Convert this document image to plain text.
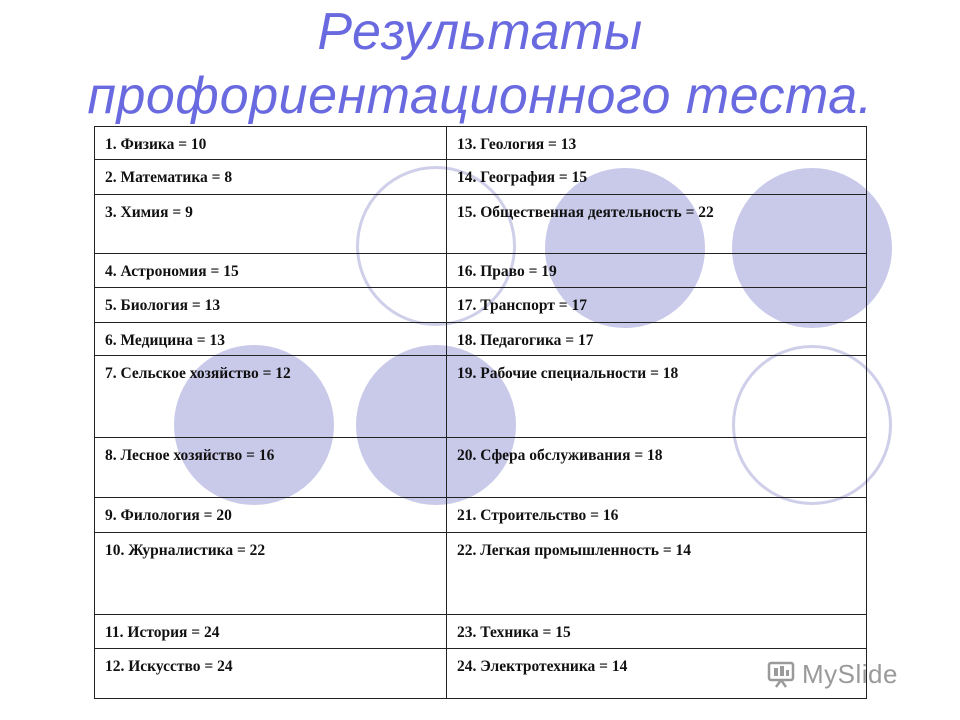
Результаты
профориентационного теста.
1. Физика = 10	13. Геология = 13
2. Математика = 8	14. География = 15
3. Химия = 9	15. Общественная деятельность = 22
4. Астрономия = 15	16. Право = 19
5. Биология = 13	17. Транспорт = 17
6. Медицина = 13	18. Педагогика = 17
7. Сельское хозяйство = 12	19. Рабочие специальности = 18
8. Лесное хозяйство = 16	20. Сфера обслуживания = 18
9. Филология = 20	21. Строительство = 16
10. Журналистика = 22	22. Легкая промышленность = 14
11. История = 24	23. Техника = 15
12. Искусство = 24	24. Электротехника = 14	MySlide
